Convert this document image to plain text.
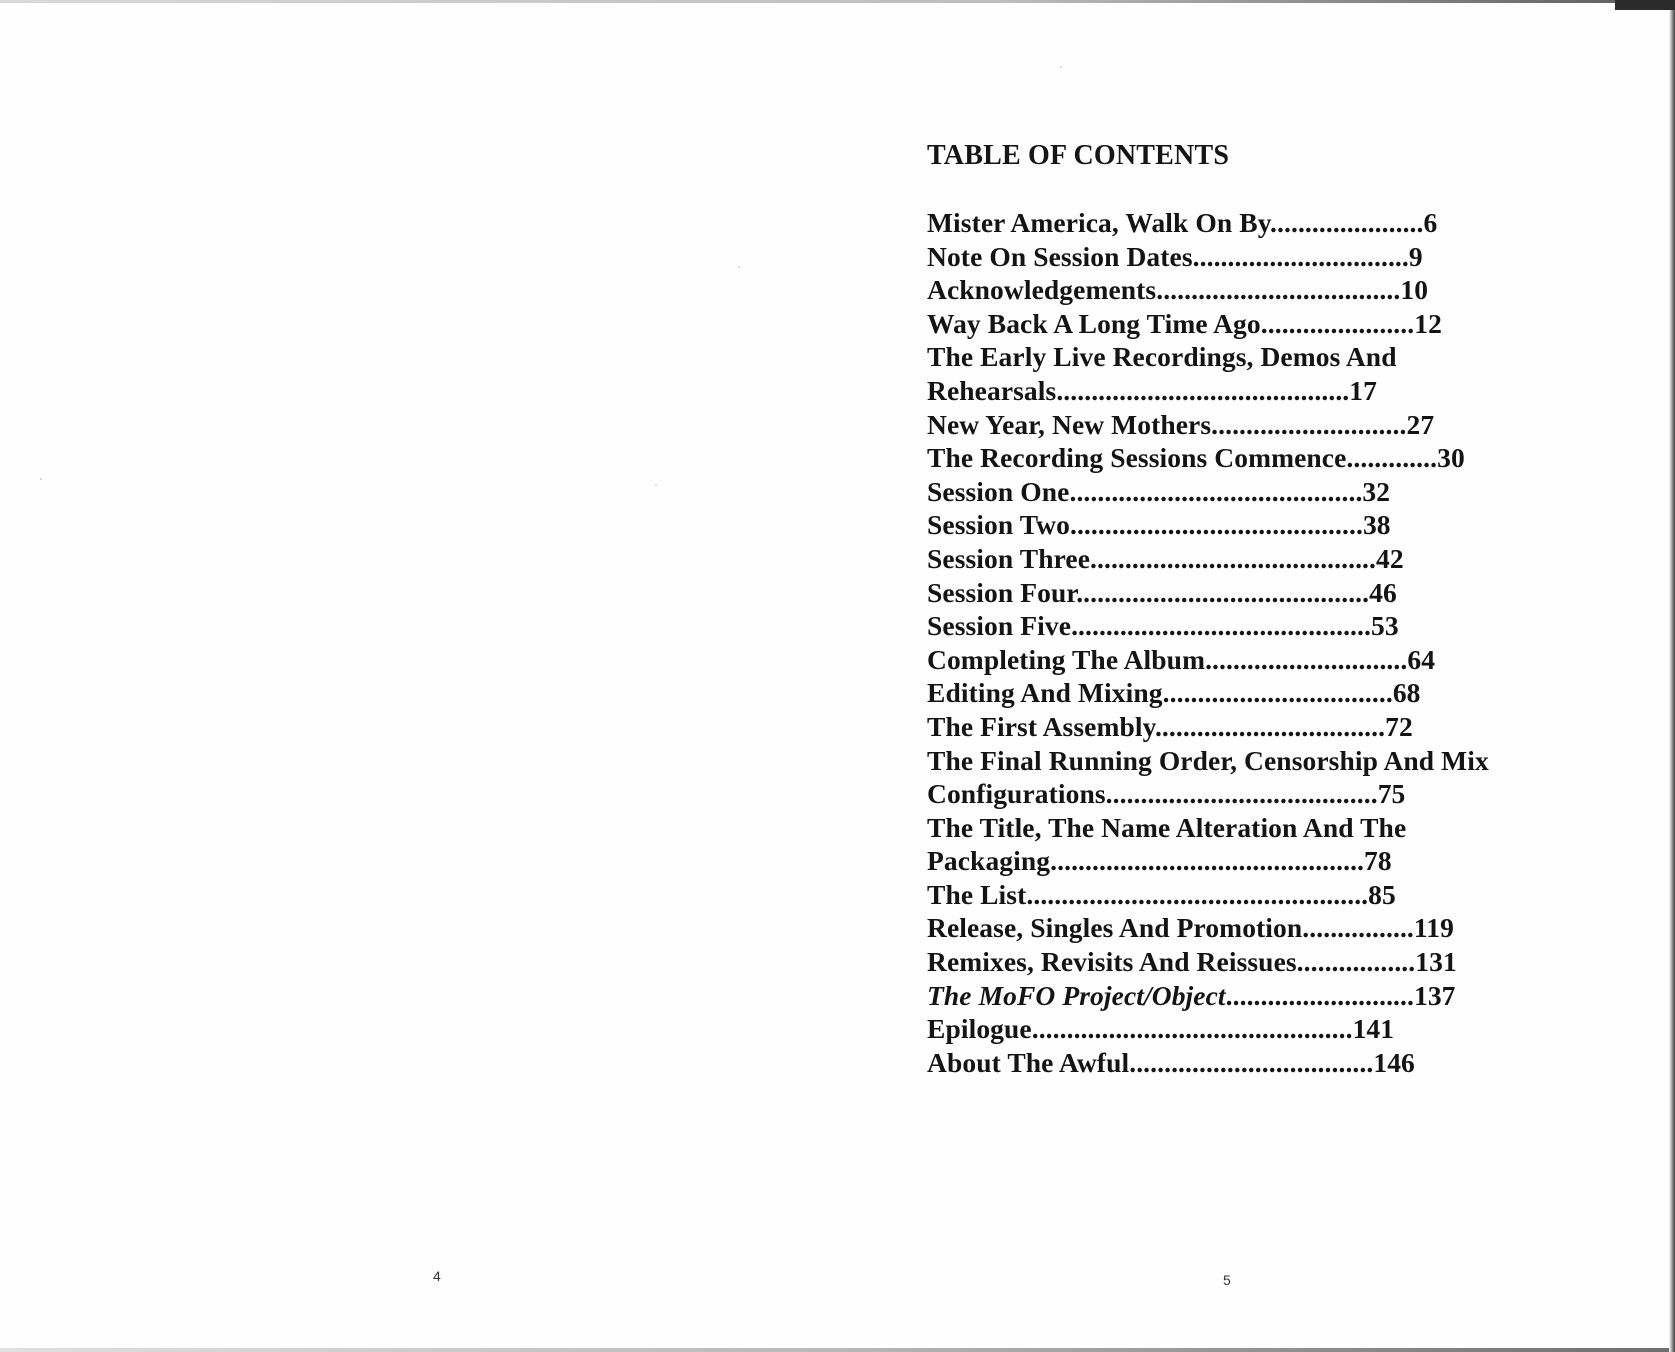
TABLE OF CONTENTS
Mister America, Walk On By......................6
Note On Session Dates...............................9
Acknowledgements...................................10
Way Back A Long Time Ago......................12
The Early Live Recordings, Demos And
Rehearsals..........................................17
New Year, New Mothers............................27
The Recording Sessions Commence.............30
Session One..........................................32
Session Two..........................................38
Session Three.........................................42
Session Four..........................................46
Session Five...........................................53
Completing The Album.............................64
Editing And Mixing.................................68
The First Assembly.................................72
The Final Running Order, Censorship And Mix
Configurations.......................................75
The Title, The Name Alteration And The
Packaging.............................................78
The List.................................................85
Release, Singles And Promotion................119
Remixes, Revisits And Reissues.................131
The MoFO Project/Object...........................137
Epilogue..............................................141
About The Awful...................................146
4	5
